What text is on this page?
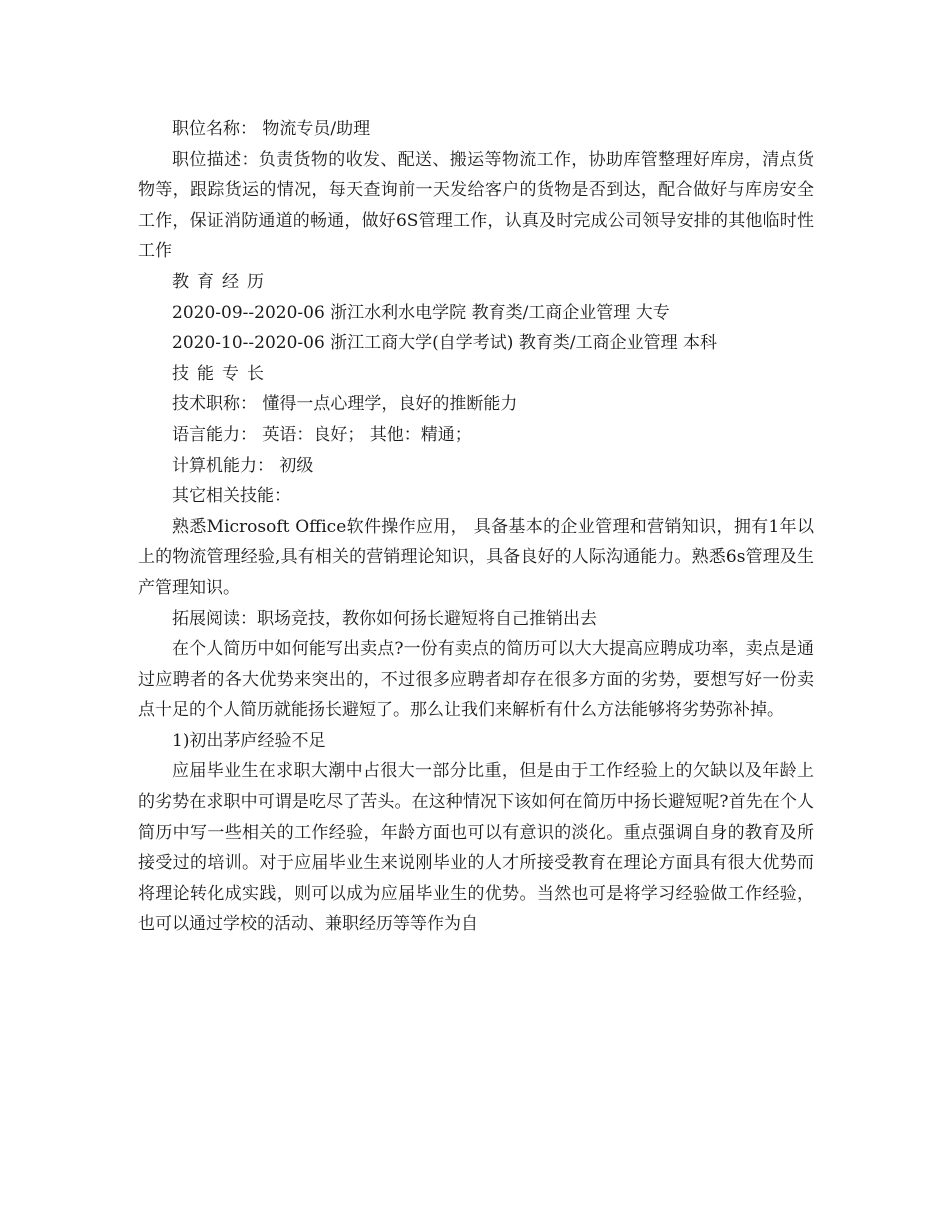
职位名称： 物流专员/助理

职位描述：负责货物的收发、配送、搬运等物流工作，协助库管整理好库房，清点货物等，跟踪货运的情况，每天查询前一天发给客户的货物是否到达，配合做好与库房安全工作，保证消防通道的畅通，做好6S管理工作，认真及时完成公司领导安排的其他临时性工作

教育经历

2020-09--2020-06 浙江水利水电学院 教育类/工商企业管理 大专

2020-10--2020-06 浙江工商大学(自学考试) 教育类/工商企业管理 本科

技能专长

技术职称： 懂得一点心理学，良好的推断能力

语言能力： 英语：良好； 其他：精通；

计算机能力： 初级

其它相关技能：

熟悉Microsoft Office软件操作应用， 具备基本的企业管理和营销知识，拥有1年以上的物流管理经验,具有相关的营销理论知识，具备良好的人际沟通能力。熟悉6s管理及生产管理知识。

拓展阅读：职场竞技，教你如何扬长避短将自己推销出去

在个人简历中如何能写出卖点?一份有卖点的简历可以大大提高应聘成功率，卖点是通过应聘者的各大优势来突出的，不过很多应聘者却存在很多方面的劣势，要想写好一份卖点十足的个人简历就能扬长避短了。那么让我们来解析有什么方法能够将劣势弥补掉。

1)初出茅庐经验不足

应届毕业生在求职大潮中占很大一部分比重，但是由于工作经验上的欠缺以及年龄上的劣势在求职中可谓是吃尽了苦头。在这种情况下该如何在简历中扬长避短呢?首先在个人简历中写一些相关的工作经验，年龄方面也可以有意识的淡化。重点强调自身的教育及所接受过的培训。对于应届毕业生来说刚毕业的人才所接受教育在理论方面具有很大优势而将理论转化成实践，则可以成为应届毕业生的优势。当然也可是将学习经验做工作经验，也可以通过学校的活动、兼职经历等等作为自
